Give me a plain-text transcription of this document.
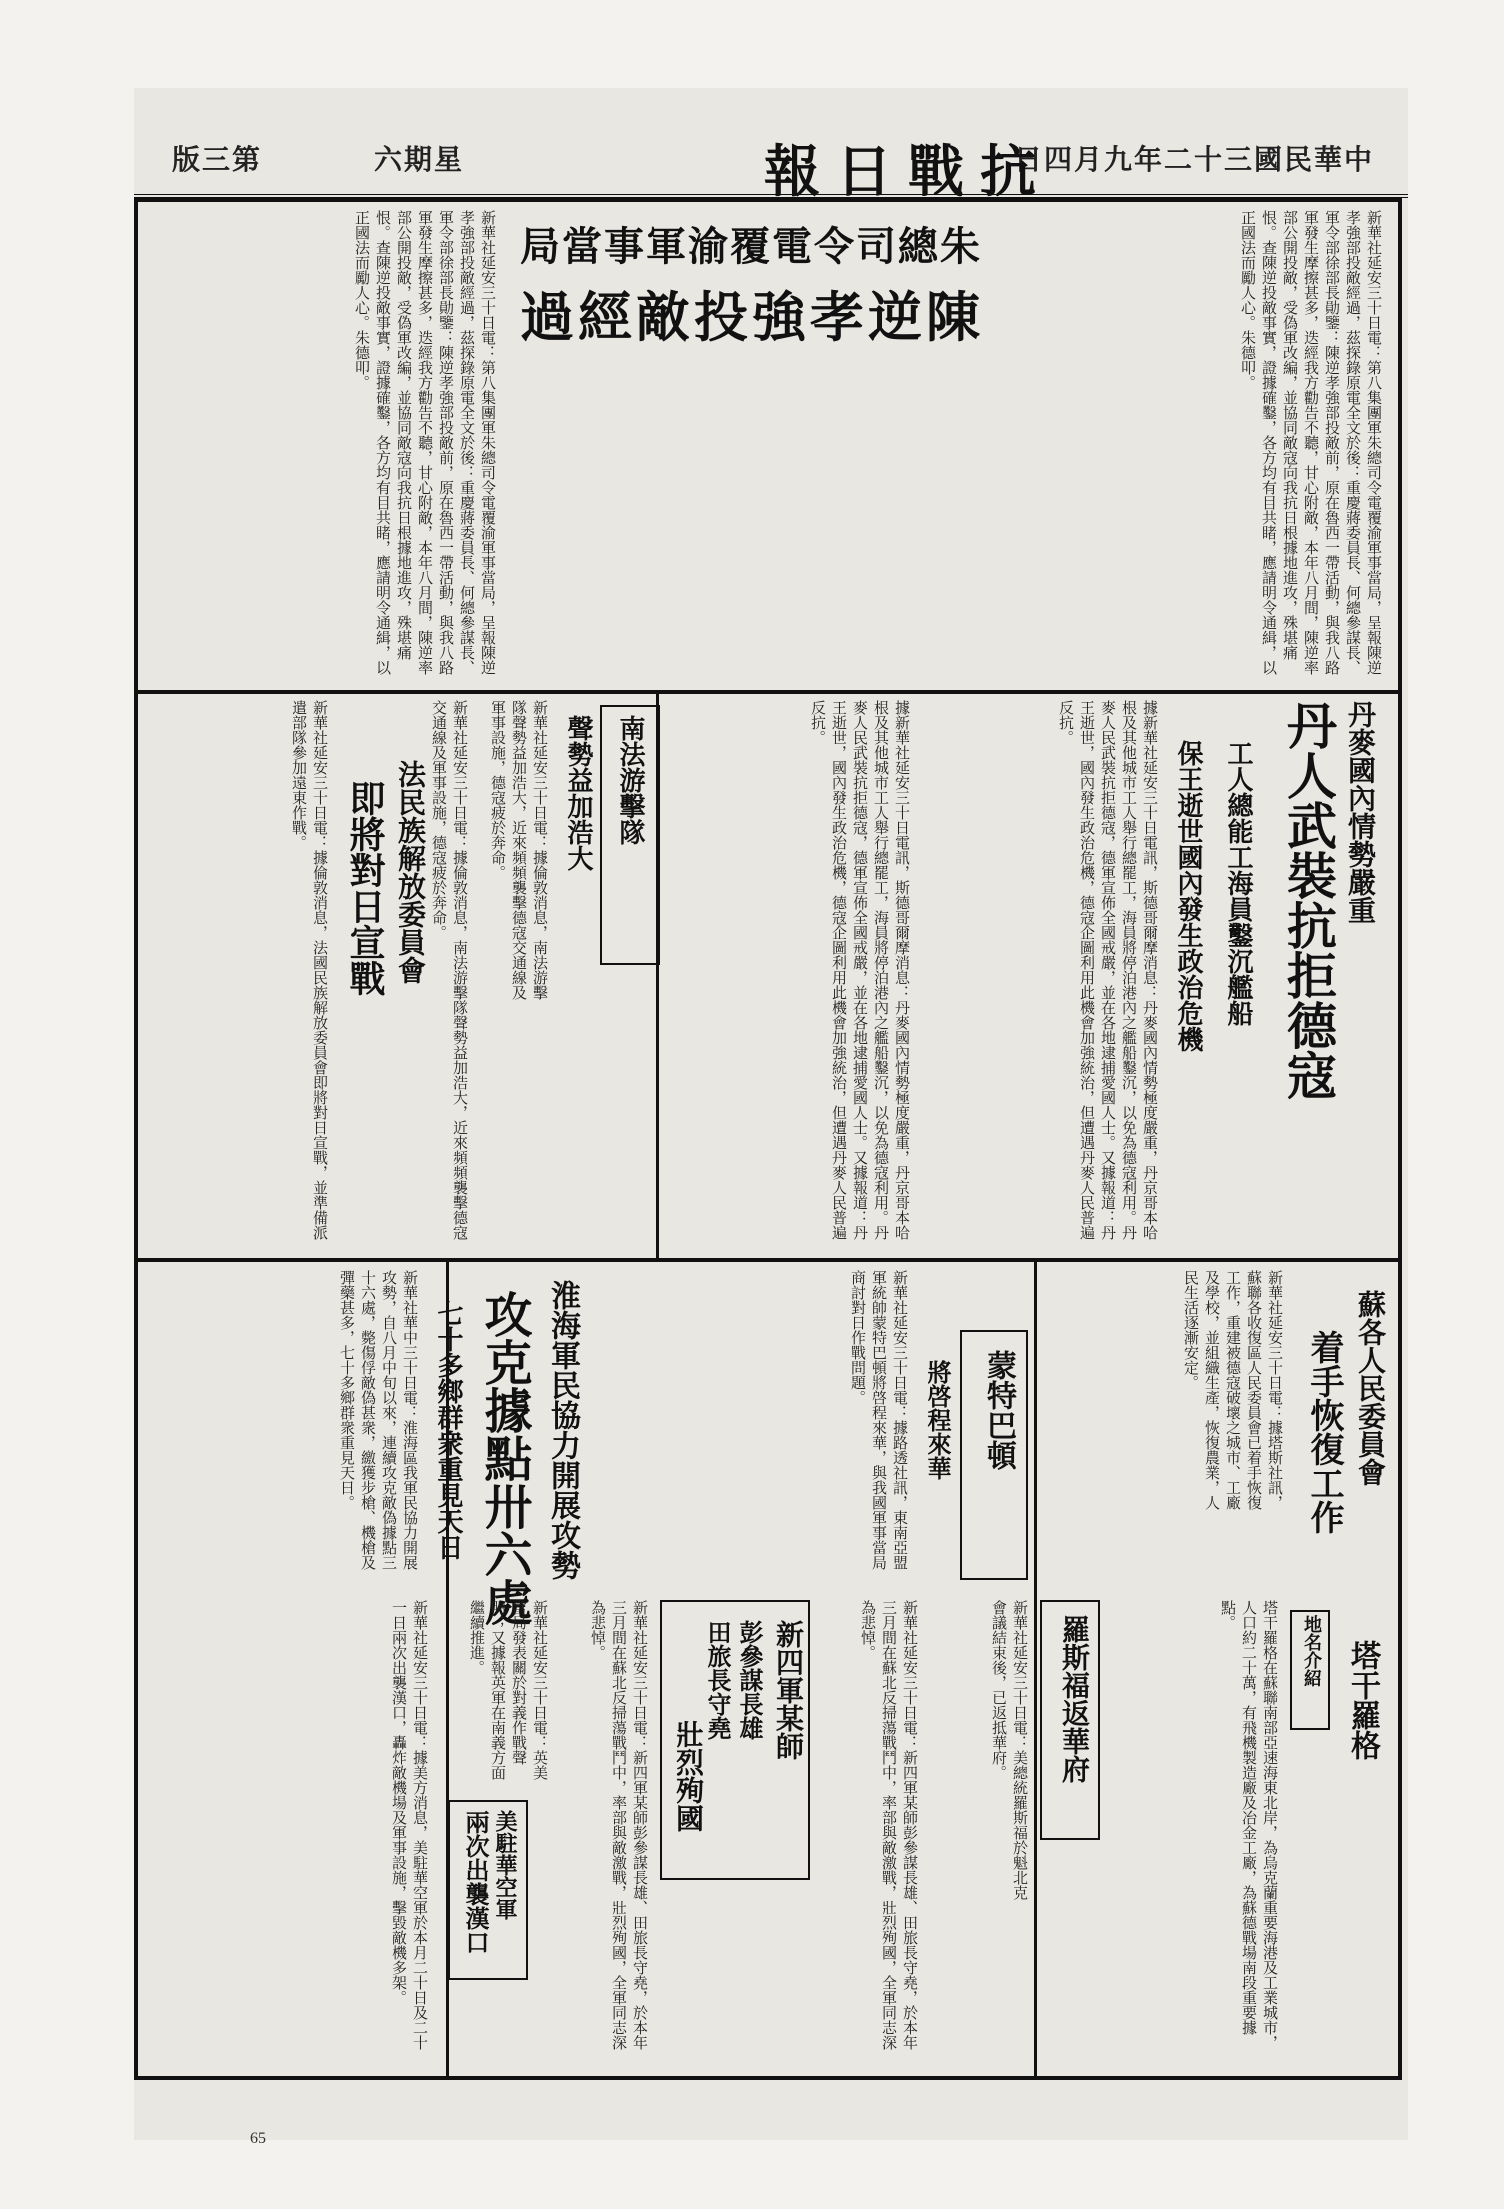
中華民國三十二年九月四日
抗戰日報
星期六
第三版
朱總司令電覆渝軍事當局
陳逆孝強投敵經過	新華社延安三十日電：第八集團軍朱總司令電覆渝軍事當局，呈報陳逆孝強部投敵經過，茲探錄原電全文於後：重慶蔣委員長、何總參謀長、軍令部徐部長勛鑒：陳逆孝強部投敵前，原在魯西一帶活動，與我八路軍發生摩擦甚多，迭經我方勸告不聽，甘心附敵，本年八月間，陳逆率部公開投敵，受偽軍改編，並協同敵寇向我抗日根據地進攻，殊堪痛恨。查陳逆投敵事實，證據確鑿，各方均有目共睹，應請明令通緝，以正國法而勵人心。朱德叩。
新華社延安三十日電：第八集團軍朱總司令電覆渝軍事當局，呈報陳逆孝強部投敵經過，茲探錄原電全文於後：重慶蔣委員長、何總參謀長、軍令部徐部長勛鑒：陳逆孝強部投敵前，原在魯西一帶活動，與我八路軍發生摩擦甚多，迭經我方勸告不聽，甘心附敵，本年八月間，陳逆率部公開投敵，受偽軍改編，並協同敵寇向我抗日根據地進攻，殊堪痛恨。查陳逆投敵事實，證據確鑿，各方均有目共睹，應請明令通緝，以正國法而勵人心。朱德叩。
丹麥國內情勢嚴重
丹人武裝抗拒德寇
工人總能工海員鑿沉艦船
保王逝世國內發生政治危機
據新華社延安三十日電訊，斯德哥爾摩消息：丹麥國內情勢極度嚴重，丹京哥本哈根及其他城市工人舉行總罷工，海員將停泊港內之艦船鑿沉，以免為德寇利用。丹麥人民武裝抗拒德寇，德軍宣佈全國戒嚴，並在各地逮捕愛國人士。又據報道：丹王逝世，國內發生政治危機，德寇企圖利用此機會加強統治，但遭遇丹麥人民普遍反抗。
南法游擊隊
聲勢益加浩大	據新華社延安三十日電訊，斯德哥爾摩消息：丹麥國內情勢極度嚴重，丹京哥本哈根及其他城市工人舉行總罷工，海員將停泊港內之艦船鑿沉，以免為德寇利用。丹麥人民武裝抗拒德寇，德軍宣佈全國戒嚴，並在各地逮捕愛國人士。又據報道：丹王逝世，國內發生政治危機，德寇企圖利用此機會加強統治，但遭遇丹麥人民普遍反抗。
新華社延安三十日電：據倫敦消息，南法游擊隊聲勢益加浩大，近來頻頻襲擊德寇交通線及軍事設施，德寇疲於奔命。
法民族解放委員會
即將對日宣戰
新華社延安三十日電：據倫敦消息，法國民族解放委員會即將對日宣戰，並準備派遣部隊參加遠東作戰。	新華社延安三十日電：據倫敦消息，南法游擊隊聲勢益加浩大，近來頻頻襲擊德寇交通線及軍事設施，德寇疲於奔命。
蘇各人民委員會
着手恢復工作
新華社延安三十日電：據塔斯社訊，蘇聯各收復區人民委員會已着手恢復工作，重建被德寇破壞之城市、工廠及學校，並組織生產，恢復農業，人民生活逐漸安定。
淮海軍民協力開展攻勢
攻克據點卅六處
七十多鄉群衆重見天日
新華社華中三十日電：淮海區我軍民協力開展攻勢，自八月中旬以來，連續攻克敵偽據點三十六處，斃傷俘敵偽甚衆，繳獲步槍、機槍及彈藥甚多，七十多鄉群衆重見天日。	蒙特巴頓
將啓程來華
新華社延安三十日電：據路透社訊，東南亞盟軍統帥蒙特巴頓將啓程來華，與我國軍事當局商討對日作戰問題。
羅斯福返華府
新華社延安三十日電：美總統羅斯福於魁北克會議結束後，已返抵華府。
新四軍某師
彭參謀長雄
田旅長守堯
壯烈殉國	新華社延安三十日電：新四軍某師彭參謀長雄、田旅長守堯，於本年三月間在蘇北反掃蕩戰鬥中，率部與敵激戰，壯烈殉國，全軍同志深為悲悼。
新華社延安三十日電：新四軍某師彭參謀長雄、田旅長守堯，於本年三月間在蘇北反掃蕩戰鬥中，率部與敵激戰，壯烈殉國，全軍同志深為悲悼。
美駐華空軍
兩次出襲漢口
新華社延安三十日電：據美方消息，美駐華空軍於本月二十日及二十一日兩次出襲漢口，轟炸敵機場及軍事設施，擊毀敵機多架。	新華社延安三十日電：英美當局發表關於對義作戰聲明；又據報英軍在南義方面繼續推進。	地名介紹 塔干羅格
塔干羅格在蘇聯南部亞速海東北岸，為烏克蘭重要海港及工業城市，人口約二十萬，有飛機製造廠及冶金工廠，為蘇德戰場南段重要據點。
65
